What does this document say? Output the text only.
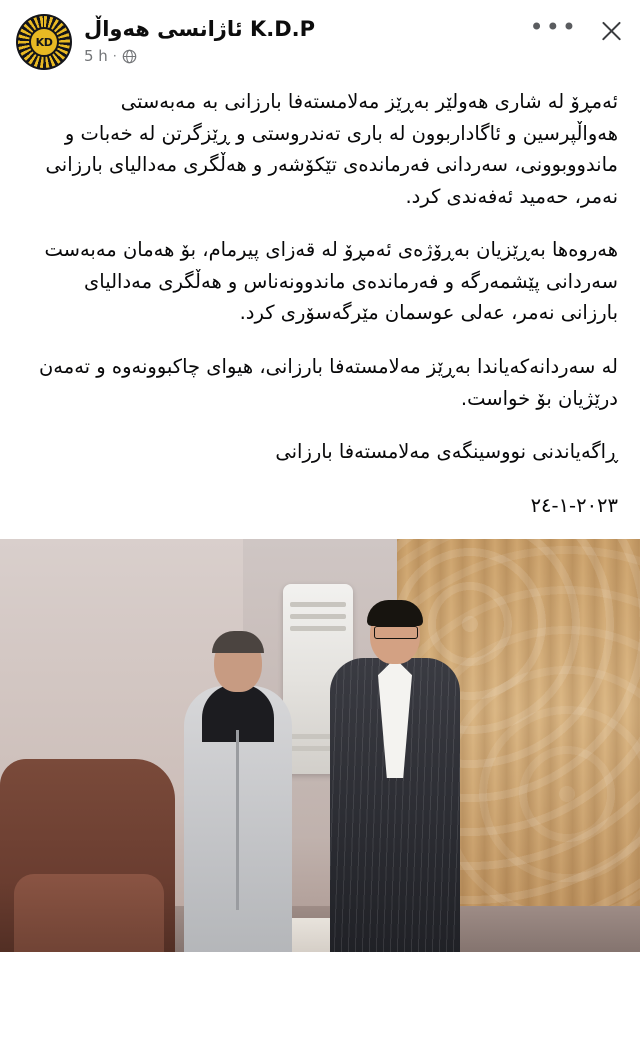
KD
ئاژانسی هەواڵ K.D.P
5 h ·
•••

ئەمڕۆ لە شاری هەولێر بەڕێز مەلامستەفا بارزانی بە مەبەستی هەواڵپرسین و ئاگاداربوون لە باری تەندروستی و ڕێزگرتن لە خەبات و ماندووبوونی، سەردانی فەرماندەی تێکۆشەر و هەڵگری مەدالیای بارزانی نەمر، حەمید ئەفەندی کرد.

هەروەها بەڕێزیان بەڕۆژەی ئەمڕۆ لە قەزای پیرمام، بۆ هەمان مەبەست سەردانی پێشمەرگە و فەرماندەی ماندوونەناس و هەڵگری مەدالیای بارزانی نەمر، عەلی عوسمان مێرگەسۆری کرد.

لە سەردانەکەیاندا بەڕێز مەلامستەفا بارزانی، هیوای چاکبوونەوە و تەمەن درێژیان بۆ خواست.

ڕاگەیاندنی نووسینگەی مەلامستەفا بارزانی

٢٠٢٣-١-٢٤
